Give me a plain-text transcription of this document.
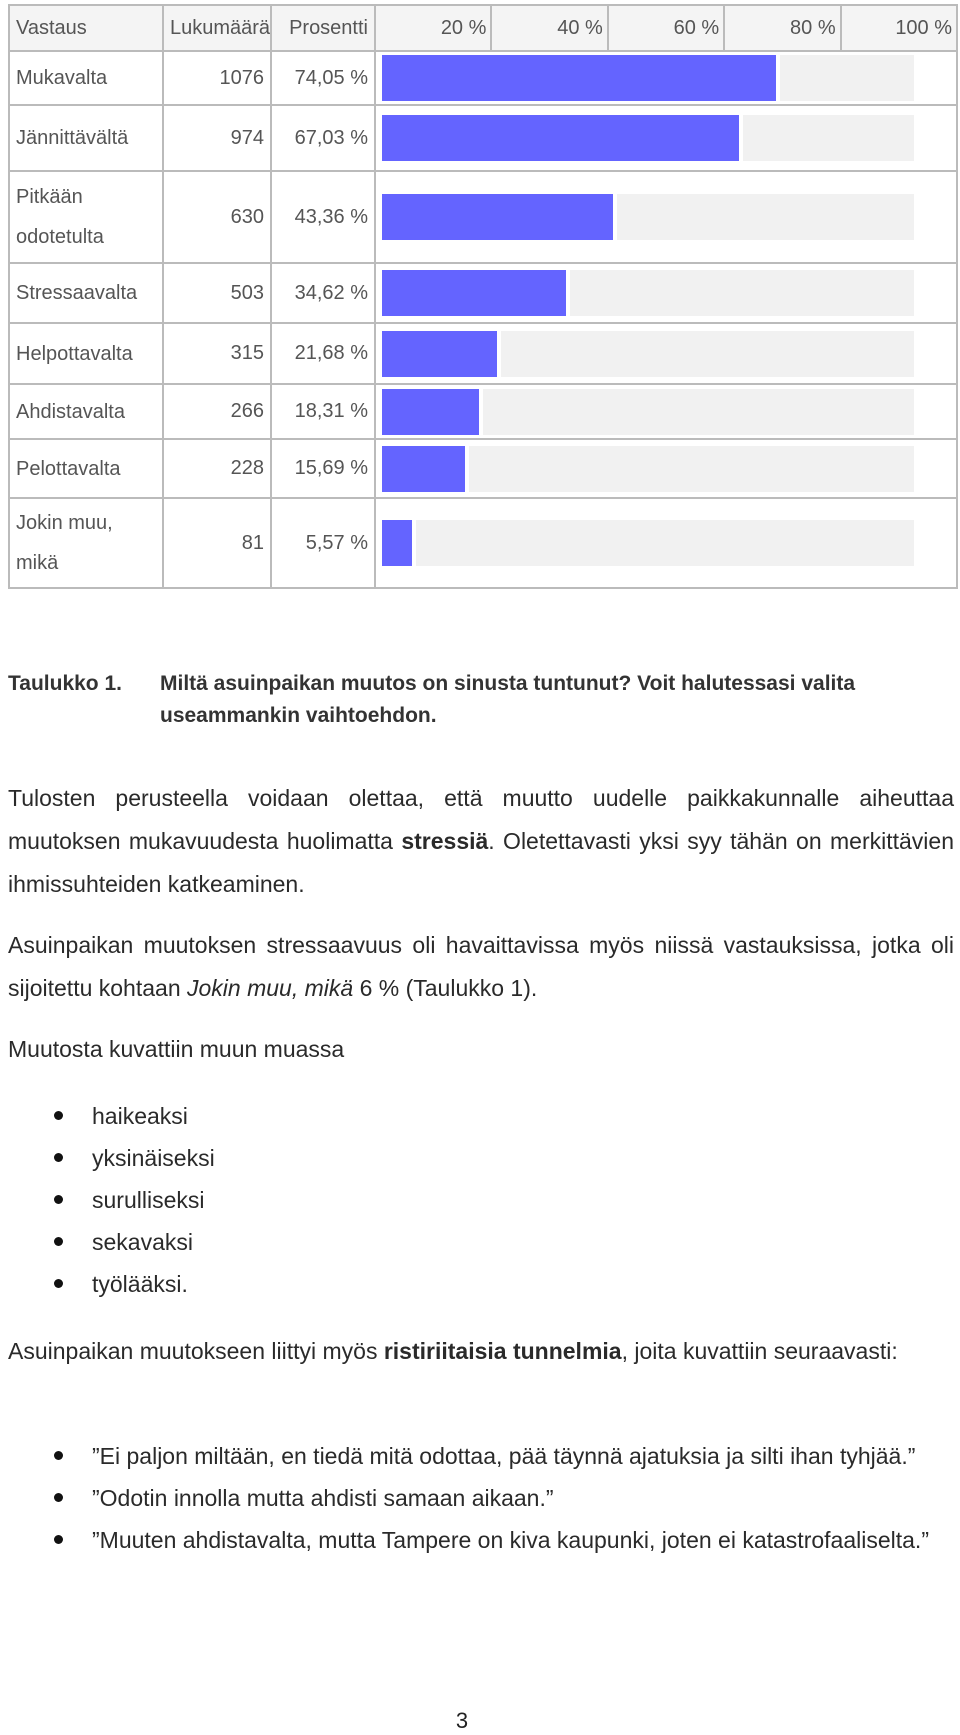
Vastaus	Lukumäärä	Prosentti	20 % 40 % 60 % 80 % 100 %

Mukavalta	1076	74,05 %	

Jännittävältä	974	67,03 %	

Pitkään odotetulta	630	43,36 %	

Stressaavalta	503	34,62 %	

Helpottavalta	315	21,68 %	

Ahdistavalta	266	18,31 %	

Pelottavalta	228	15,69 %	

Jokin muu, mikä	81	5,57 %	
Taulukko 1. Miltä asuinpaikan muutos on sinusta tuntunut? Voit halutessasi valita useammankin vaihtoehdon.

Tulosten perusteella voidaan olettaa, että muutto uudelle paikkakunnalle aiheuttaa muutoksen mukavuudesta huolimatta stressiä. Oletettavasti yksi syy tähän on merkittävien ihmissuhteiden katkeaminen.

Asuinpaikan muutoksen stressaavuus oli havaittavissa myös niissä vastauksissa, jotka oli sijoitettu kohtaan Jokin muu, mikä 6 % (Taulukko 1).

Muutosta kuvattiin muun muassa

haikeaksi
yksinäiseksi
surulliseksi
sekavaksi
työlääksi.

Asuinpaikan muutokseen liittyi myös ristiriitaisia tunnelmia, joita kuvattiin seuraavasti:

”Ei paljon miltään, en tiedä mitä odottaa, pää täynnä ajatuksia ja silti ihan tyhjää.”
”Odotin innolla mutta ahdisti samaan aikaan.”
”Muuten ahdistavalta, mutta Tampere on kiva kaupunki, joten ei katastrofaaliselta.”
3
